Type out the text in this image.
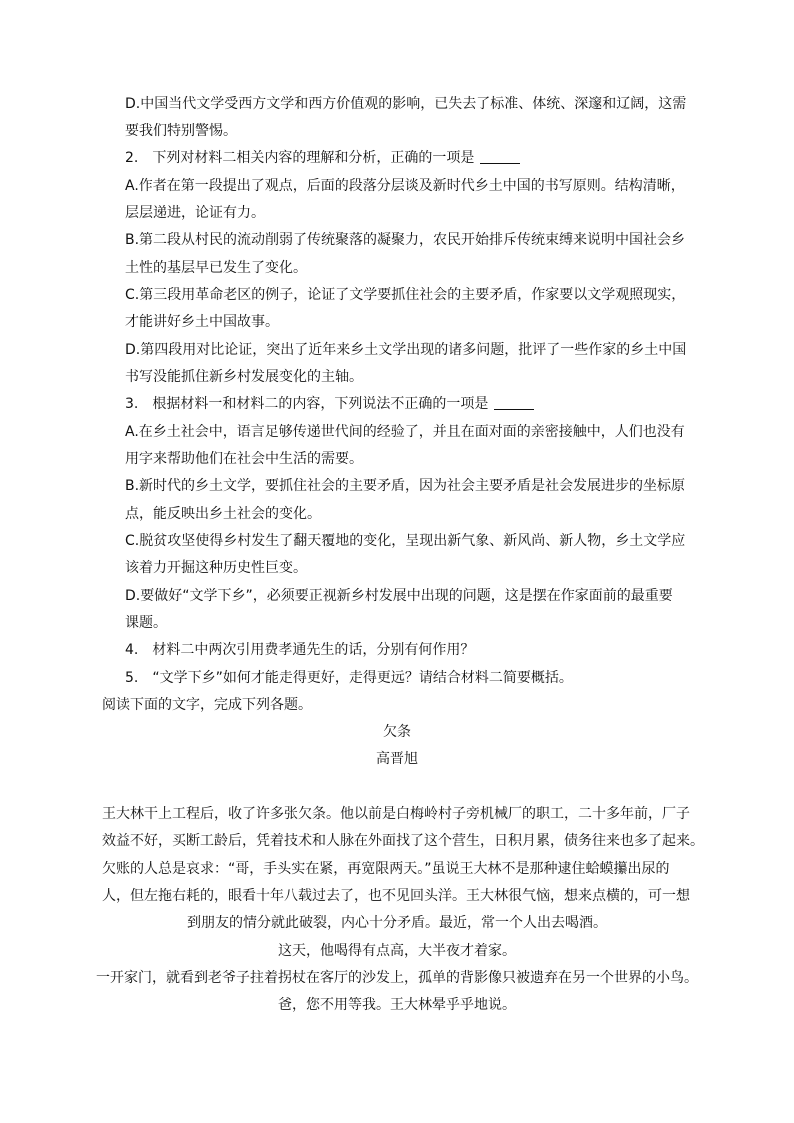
D.中国当代文学受西方文学和西方价值观的影响，已失去了标准、体统、深邃和辽阔，这需
要我们特别警惕。
2.　下列对材料二相关内容的理解和分析，正确的一项是
A.作者在第一段提出了观点，后面的段落分层谈及新时代乡土中国的书写原则。结构清晰，
层层递进，论证有力。
B.第二段从村民的流动削弱了传统聚落的凝聚力，农民开始排斥传统束缚来说明中国社会乡
土性的基层早已发生了变化。
C.第三段用革命老区的例子，论证了文学要抓住社会的主要矛盾，作家要以文学观照现实，
才能讲好乡土中国故事。
D.第四段用对比论证，突出了近年来乡土文学出现的诸多问题，批评了一些作家的乡土中国
书写没能抓住新乡村发展变化的主轴。
3.　根据材料一和材料二的内容，下列说法不正确的一项是
A.在乡土社会中，语言足够传递世代间的经验了，并且在面对面的亲密接触中，人们也没有
用字来帮助他们在社会中生活的需要。
B.新时代的乡土文学，要抓住社会的主要矛盾，因为社会主要矛盾是社会发展进步的坐标原
点，能反映出乡土社会的变化。
C.脱贫攻坚使得乡村发生了翻天覆地的变化，呈现出新气象、新风尚、新人物，乡土文学应
该着力开掘这种历史性巨变。
D.要做好“文学下乡”，必须要正视新乡村发展中出现的问题，这是摆在作家面前的最重要
课题。
4.　材料二中两次引用费孝通先生的话，分别有何作用？
5.　“文学下乡”如何才能走得更好，走得更远？请结合材料二简要概括。
阅读下面的文字，完成下列各题。
欠条
高晋旭
王大林干上工程后，收了许多张欠条。他以前是白梅岭村子旁机械厂的职工，二十多年前，厂子
效益不好，买断工龄后，凭着技术和人脉在外面找了这个营生，日积月累，债务往来也多了起来。
欠账的人总是哀求：“哥，手头实在紧，再宽限两天。”虽说王大林不是那种逮住蛤蟆攥出尿的
人，但左拖右耗的，眼看十年八载过去了，也不见回头洋。王大林很气恼，想来点横的，可一想
到朋友的情分就此破裂，内心十分矛盾。最近，常一个人出去喝酒。
这天，他喝得有点高，大半夜才着家。
一开家门，就看到老爷子拄着拐杖在客厅的沙发上，孤单的背影像只被遗弃在另一个世界的小鸟。
爸，您不用等我。王大林晕乎乎地说。
